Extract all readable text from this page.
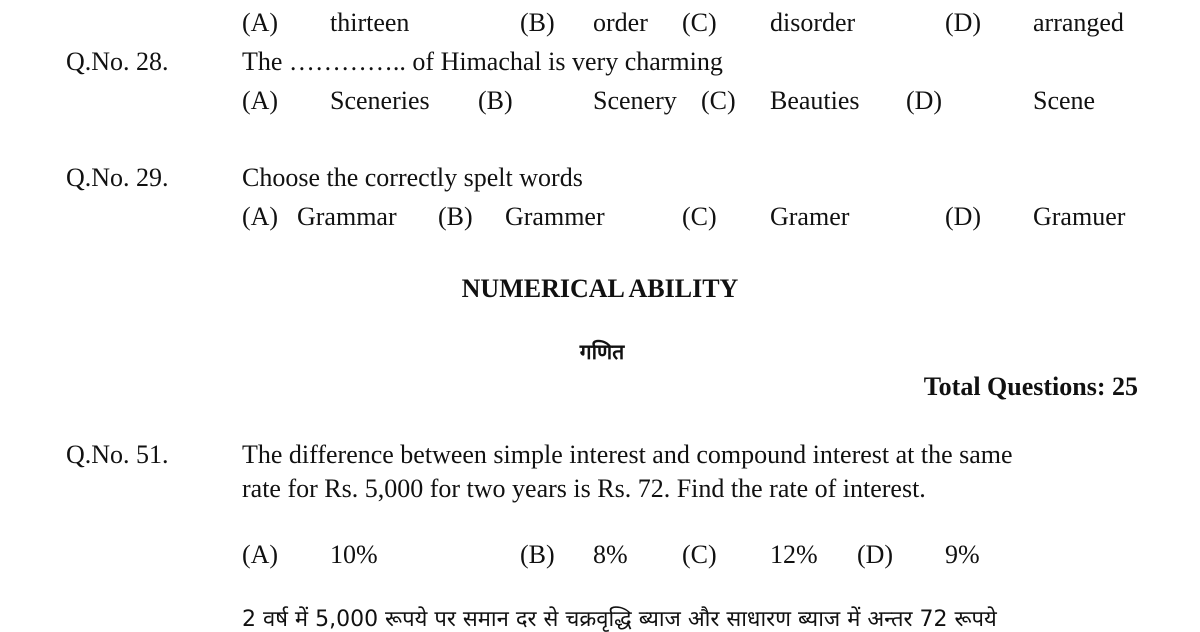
(A) thirteen	(B) order (C) disorder	(D) arranged
Q.No. 28.	The ………….. of Himachal is very charming
(A) Sceneries (B)	Scenery (C) Beauties (D)	Scene
Q.No. 29.	Choose the correctly spelt words
(A) Grammar (B) Grammer	(C) Gramer	(D) Gramuer
NUMERICAL ABILITY
गणित
Total Questions: 25
Q.No. 51.	The difference between simple interest and compound interest at the same
rate for Rs. 5,000 for two years is Rs. 72. Find the rate of interest.
(A) 10%	(B) 8% (C) 12% (D) 9%
2 वर्ष में 5,000 रूपये पर समान दर से चक्रवृद्धि ब्याज और साधारण ब्याज में अन्तर 72 रूपये
